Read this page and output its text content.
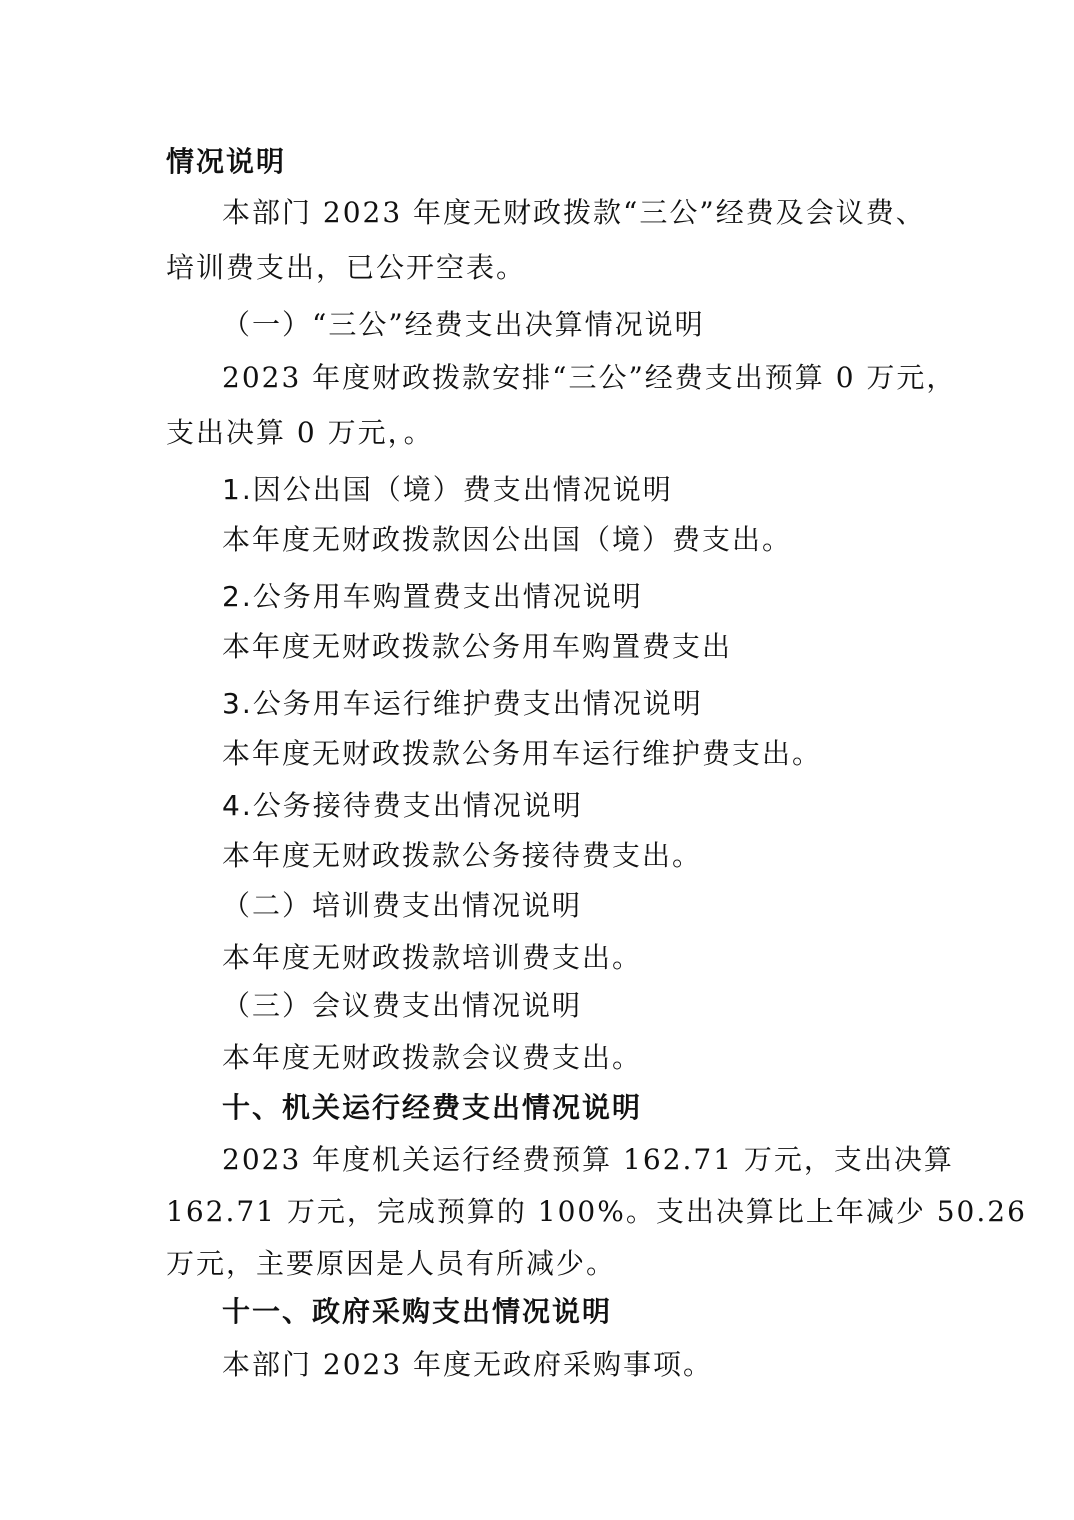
情况说明
本部门 2023 年度无财政拨款“三公”经费及会议费、
培训费支出，已公开空表。
（一）“三公”经费支出决算情况说明
2023 年度财政拨款安排“三公”经费支出预算 0 万元，
支出决算 0 万元，。
1.因公出国（境）费支出情况说明
本年度无财政拨款因公出国（境）费支出。
2.公务用车购置费支出情况说明
本年度无财政拨款公务用车购置费支出
3.公务用车运行维护费支出情况说明
本年度无财政拨款公务用车运行维护费支出。
4.公务接待费支出情况说明
本年度无财政拨款公务接待费支出。
（二）培训费支出情况说明
本年度无财政拨款培训费支出。
（三）会议费支出情况说明
本年度无财政拨款会议费支出。
十、机关运行经费支出情况说明
2023 年度机关运行经费预算 162.71 万元，支出决算
162.71 万元，完成预算的 100%。支出决算比上年减少 50.26
万元，主要原因是人员有所减少。
十一、政府采购支出情况说明
本部门 2023 年度无政府采购事项。
